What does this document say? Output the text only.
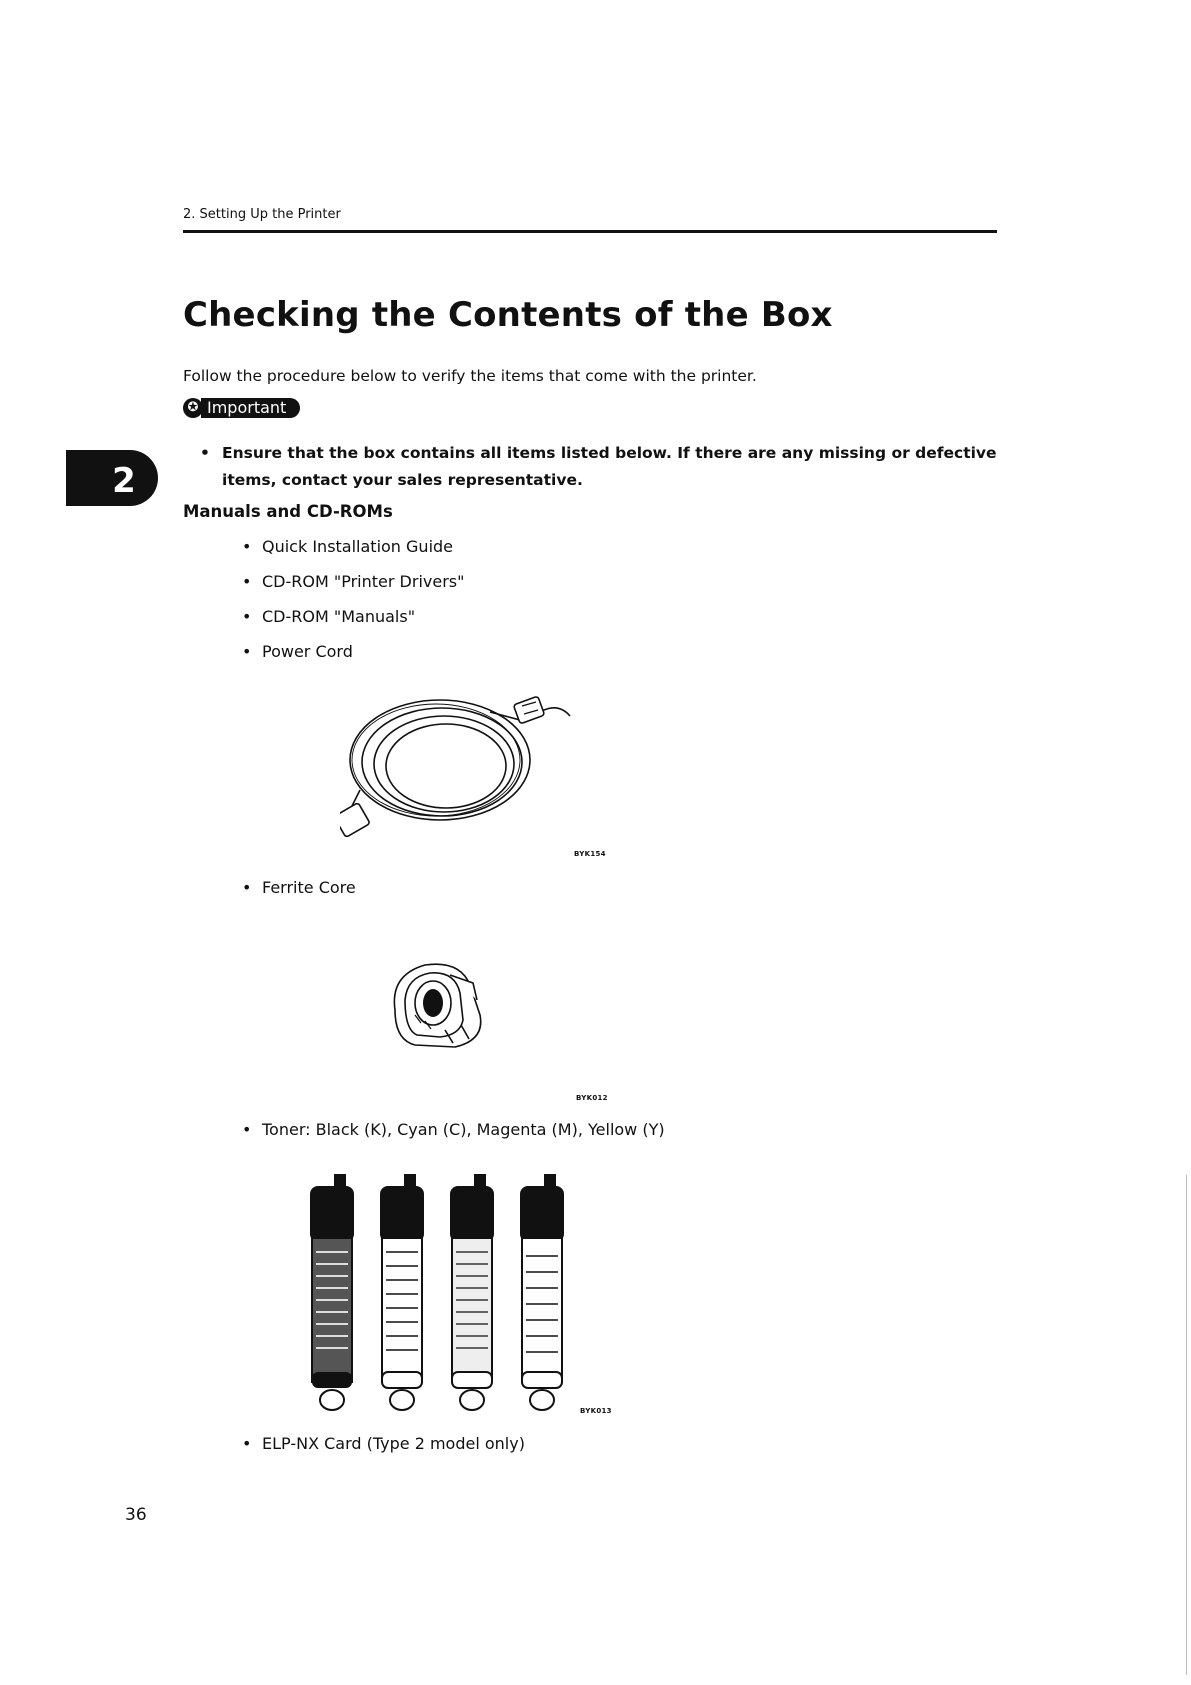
2. Setting Up the Printer
Checking the Contents of the Box
Follow the procedure below to verify the items that come with the printer.
✪ Important
• Ensure that the box contains all items listed below. If there are any missing or defective items, contact your sales representative.
2
Manuals and CD-ROMs
• Quick Installation Guide
• CD-ROM "Printer Drivers"
• CD-ROM "Manuals"
• Power Cord
BYK154
• Ferrite Core
BYK012
• Toner: Black (K), Cyan (C), Magenta (M), Yellow (Y)
BYK013
• ELP-NX Card (Type 2 model only)
36
